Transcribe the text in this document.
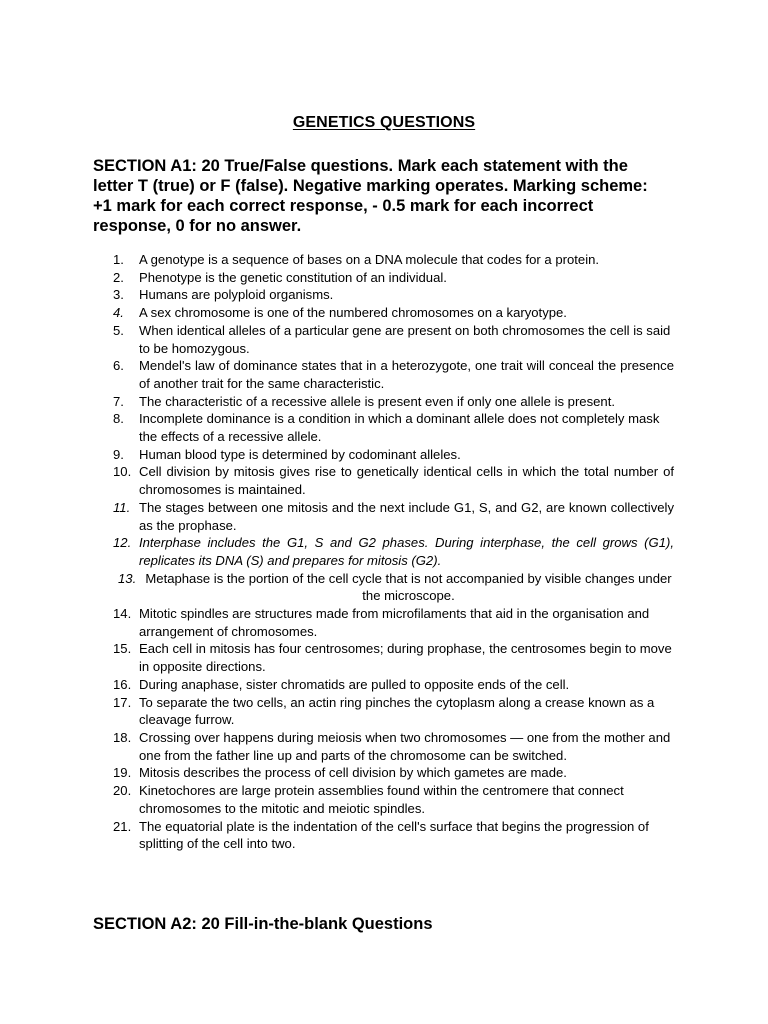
GENETICS QUESTIONS
SECTION A1: 20 True/False questions. Mark each statement with the letter T (true) or F (false). Negative marking operates. Marking scheme: +1 mark for each correct response, - 0.5 mark for each incorrect response, 0 for no answer.
1.	A genotype is a sequence of bases on a DNA molecule that codes for a protein.
2.	Phenotype is the genetic constitution of an individual.
3.	Humans are polyploid organisms.
4.	A sex chromosome is one of the numbered chromosomes on a karyotype.
5.	When identical alleles of a particular gene are present on both chromosomes the cell is said to be homozygous.
6.	Mendel's law of dominance states that in a heterozygote, one trait will conceal the presence of another trait for the same characteristic.
7.	The characteristic of a recessive allele is present even if only one allele is present.
8.	Incomplete dominance is a condition in which a dominant allele does not completely mask the effects of a recessive allele.
9.	Human blood type is determined by codominant alleles.
10. Cell division by mitosis gives rise to genetically identical cells in which the total number of chromosomes is maintained.
11. The stages between one mitosis and the next include G1, S, and G2, are known collectively as the prophase.
12. Interphase includes the G1, S and G2 phases. During interphase, the cell grows (G1), replicates its DNA (S) and prepares for mitosis (G2).
13. Metaphase is the portion of the cell cycle that is not accompanied by visible changes under the microscope.
14. Mitotic spindles are structures made from microfilaments that aid in the organisation and arrangement of chromosomes.
15. Each cell in mitosis has four centrosomes; during prophase, the centrosomes begin to move in opposite directions.
16. During anaphase, sister chromatids are pulled to opposite ends of the cell.
17. To separate the two cells, an actin ring pinches the cytoplasm along a crease known as a cleavage furrow.
18. Crossing over happens during meiosis when two chromosomes — one from the mother and one from the father line up and parts of the chromosome can be switched.
19. Mitosis describes the process of cell division by which gametes are made.
20. Kinetochores are large protein assemblies found within the centromere that connect chromosomes to the mitotic and meiotic spindles.
21. The equatorial plate is the indentation of the cell's surface that begins the progression of splitting of the cell into two.
SECTION A2: 20 Fill-in-the-blank Questions
